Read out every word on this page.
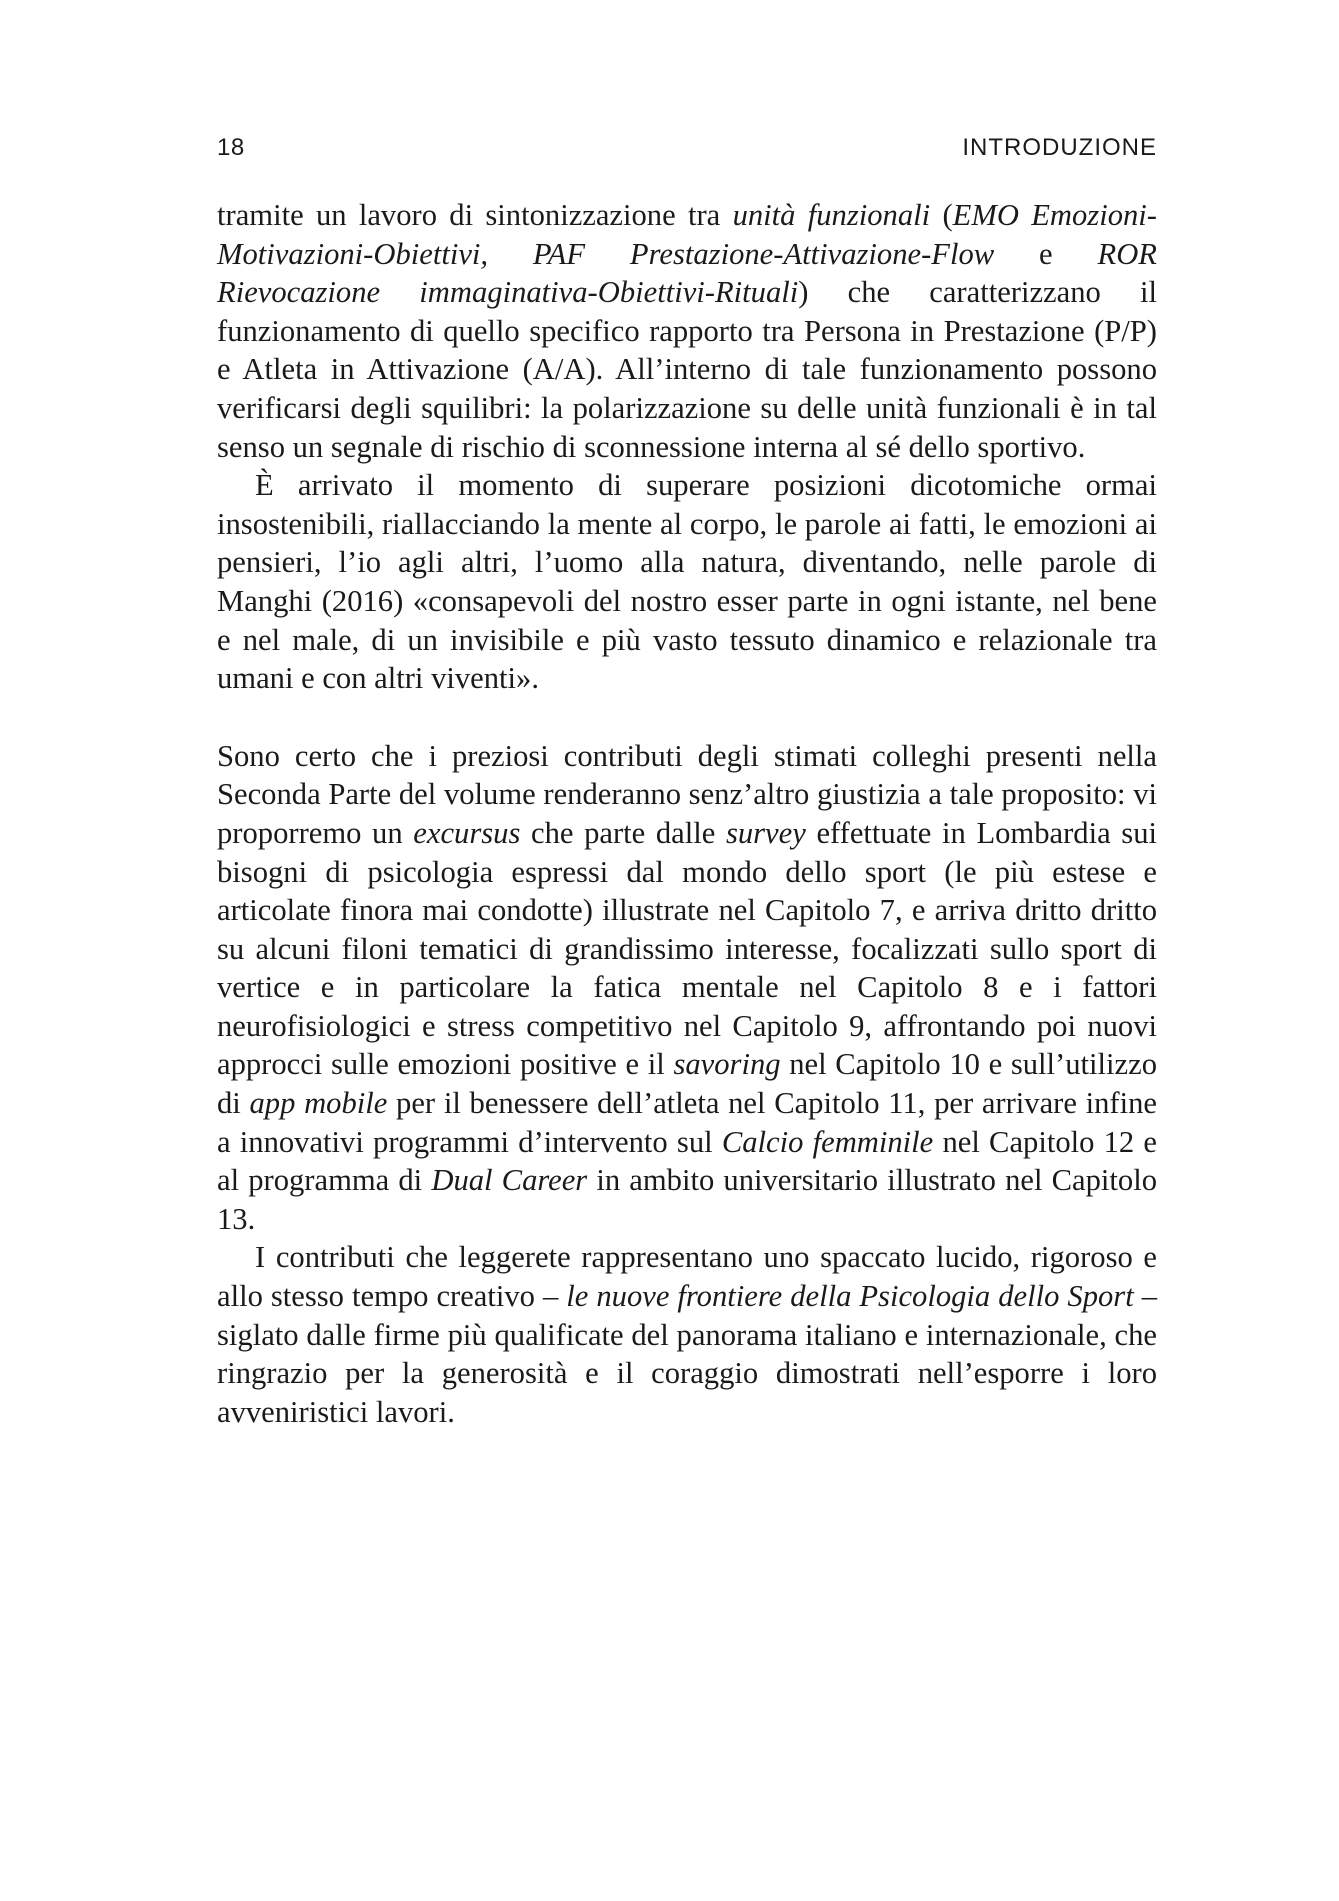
18	INTRODUZIONE

tramite un lavoro di sintonizzazione tra unità funzionali (EMO Emozioni-Motivazioni-Obiettivi, PAF Prestazione-Attivazione-Flow e ROR Rievocazione immaginativa-Obiettivi-Rituali) che caratterizzano il funzionamento di quello specifico rapporto tra Persona in Prestazione (P/P) e Atleta in Attivazione (A/A). All’interno di tale funzionamento possono verificarsi degli squilibri: la polarizzazione su delle unità funzionali è in tal senso un segnale di rischio di sconnessione interna al sé dello sportivo.

È arrivato il momento di superare posizioni dicotomiche ormai insostenibili, riallacciando la mente al corpo, le parole ai fatti, le emozioni ai pensieri, l’io agli altri, l’uomo alla natura, diventando, nelle parole di Manghi (2016) «consapevoli del nostro esser parte in ogni istante, nel bene e nel male, di un invisibile e più vasto tessuto dinamico e relazionale tra umani e con altri viventi».

Sono certo che i preziosi contributi degli stimati colleghi presenti nella Seconda Parte del volume renderanno senz’altro giustizia a tale proposito: vi proporremo un excursus che parte dalle survey effettuate in Lombardia sui bisogni di psicologia espressi dal mondo dello sport (le più estese e articolate finora mai condotte) illustrate nel Capitolo 7, e arriva dritto dritto su alcuni filoni tematici di grandissimo interesse, focalizzati sullo sport di vertice e in particolare la fatica mentale nel Capitolo 8 e i fattori neurofisiologici e stress competitivo nel Capitolo 9, affrontando poi nuovi approcci sulle emozioni positive e il savoring nel Capitolo 10 e sull’utilizzo di app mobile per il benessere dell’atleta nel Capitolo 11, per arrivare infine a innovativi programmi d’intervento sul Calcio femminile nel Capitolo 12 e al programma di Dual Career in ambito universitario illustrato nel Capitolo 13.

I contributi che leggerete rappresentano uno spaccato lucido, rigoroso e allo stesso tempo creativo – le nuove frontiere della Psicologia dello Sport – siglato dalle firme più qualificate del panorama italiano e internazionale, che ringrazio per la generosità e il coraggio dimostrati nell’esporre i loro avveniristici lavori.
